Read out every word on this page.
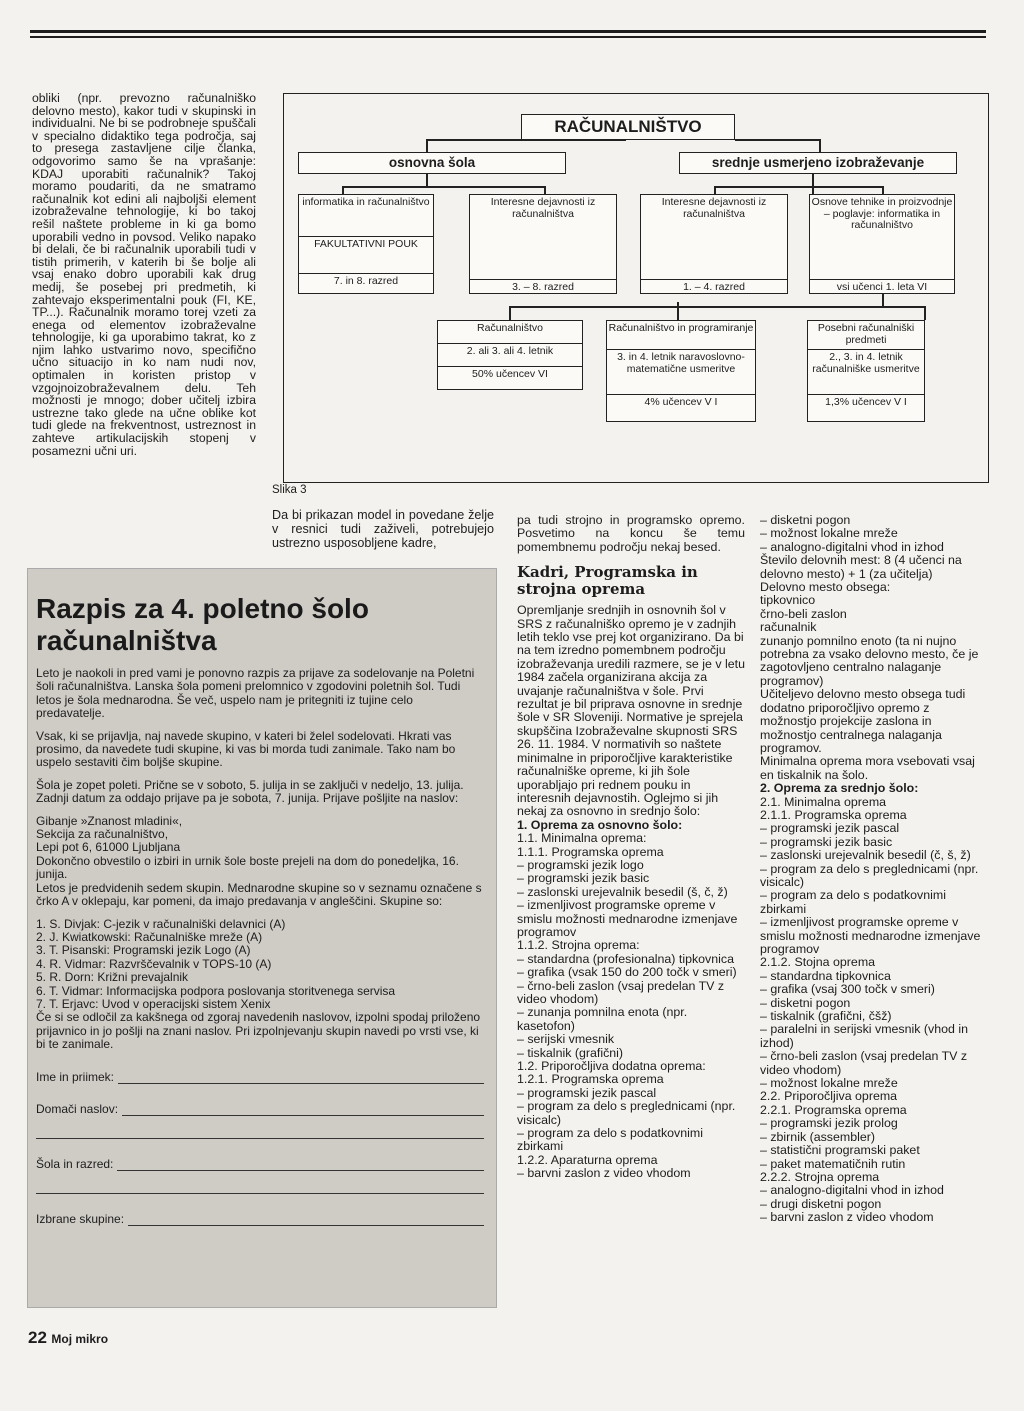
obliki (npr. prevozno računalniško delovno mesto), kakor tudi v skupinski in individualni. Ne bi se podrobneje spuščali v specialno didaktiko tega področja, saj to presega zastavljene cilje članka, odgovorimo samo še na vprašanje: KDAJ uporabiti računalnik? Takoj moramo poudariti, da ne smatramo računalnik kot edini ali najboljši element izobraževalne tehnologije, ki bo takoj rešil naštete probleme in ki ga bomo uporabili vedno in povsod. Veliko napako bi delali, če bi računalnik uporabili tudi v tistih primerih, v katerih bi še bolje ali vsaj enako dobro uporabili kak drug medij, še posebej pri predmetih, ki zahtevajo eksperimentalni pouk (FI, KE, TP...). Računalnik moramo torej vzeti za enega od elementov izobraževalne tehnologije, ki ga uporabimo takrat, ko z njim lahko ustvarimo novo, specifično učno situacijo in ko nam nudi nov, optimalen in koristen pristop v vzgojnoizobraževalnem delu. Teh možnosti je mnogo; dober učitelj izbira ustrezne tako glede na učne oblike kot tudi glede na frekventnost, ustreznost in zahteve artikulacijskih stopenj v posamezni učni uri.

RAČUNALNIŠTVO
osnovna šola	srednje usmerjeno izobraževanje
informatika in računalništvo
FAKULTATIVNI POUK
7. in 8. razred
Interesne dejavnosti iz računalništva
3. – 8. razred
Interesne dejavnosti iz računalništva
1. – 4. razred
Osnove tehnike in proizvodnje – poglavje: informatika in računalništvo
vsi učenci 1. leta VI
Računalništvo
2. ali 3. ali 4. letnik
50% učencev VI
Računalništvo in programiranje
3. in 4. letnik naravoslovno-matematične usmeritve
4% učencev V I
Posebni računalniški predmeti
2., 3. in 4. letnik računalniške usmeritve
1,3% učencev V I
Slika 3
Da bi prikazan model in povedane želje v resnici tudi zaživeli, potrebujejo ustrezno usposobljene kadre,
Razpis za 4. poletno šolo računalništva

Leto je naokoli in pred vami je ponovno razpis za prijave za sodelovanje na Poletni šoli računalništva. Lanska šola pomeni prelomnico v zgodovini poletnih šol. Tudi letos je šola mednarodna. Še več, uspelo nam je pritegniti iz tujine celo predavatelje.

Vsak, ki se prijavlja, naj navede skupino, v kateri bi želel sodelovati. Hkrati vas prosimo, da navedete tudi skupine, ki vas bi morda tudi zanimale. Tako nam bo uspelo sestaviti čim boljše skupine.

Šola je zopet poleti. Prične se v soboto, 5. julija in se zaključi v nedeljo, 13. julija. Zadnji datum za oddajo prijave pa je sobota, 7. junija. Prijave pošljite na naslov:

Gibanje »Znanost mladini«,
Sekcija za računalništvo,
Lepi pot 6, 61000 Ljubljana

Dokončno obvestilo o izbiri in urnik šole boste prejeli na dom do ponedeljka, 16. junija.

Letos je predvidenih sedem skupin. Mednarodne skupine so v seznamu označene s črko A v oklepaju, kar pomeni, da imajo predavanja v angleščini. Skupine so:

1. S. Divjak: C-jezik v računalniški delavnici (A)
2. J. Kwiatkowski: Računalniške mreže (A)
3. T. Pisanski: Programski jezik Logo (A)
4. R. Vidmar: Razvrščevalnik v TOPS-10 (A)
5. R. Dorn: Križni prevajalnik
6. T. Vidmar: Informacijska podpora poslovanja storitvenega servisa
7. T. Erjavc: Uvod v operacijski sistem Xenix

Če si se odločil za kakšnega od zgoraj navedenih naslovov, izpolni spodaj priloženo prijavnico in jo pošlji na znani naslov. Pri izpolnjevanju skupin navedi po vrsti vse, ki bi te zanimale.

Ime in priimek:
Domači naslov:
Šola in razred:
Izbrane skupine:

pa tudi strojno in programsko opremo. Posvetimo na koncu še temu pomembnemu področju nekaj besed.

Kadri, Programska in strojna oprema
Opremljanje srednjih in osnovnih šol v SRS z računalniško opremo je v zadnjih letih teklo vse prej kot organizirano. Da bi na tem izredno pomembnem področju izobraževanja uredili razmere, se je v letu 1984 začela organizirana akcija za uvajanje računalništva v šole. Prvi rezultat je bil pripravа osnovne in srednje šole v SR Sloveniji. Normative je sprejela skupščina Izobraževalne skupnosti SRS 26. 11. 1984. V normativih so naštete minimalne in priporočljive karakteristike računalniške opreme, ki jih šole uporabljajo pri rednem pouku in interesnih dejavnostih. Oglejmo si jih nekaj za osnovno in srednjo šolo:
1. Oprema za osnovno šolo:
1.1. Minimalna oprema:
1.1.1. Programska oprema
– programski jezik logo
– programski jezik basic
– zaslonski urejevalnik besedil (š, č, ž)
– izmenljivost programske opreme v smislu možnosti mednarodne izmenjave programov
1.1.2. Strojna oprema:
– standardna (profesionalna) tipkovnica
– grafika (vsak 150 do 200 točk v smeri)
– črno-beli zaslon (vsaj predelan TV z video vhodom)
– zunanja pomnilna enota (npr. kasetofon)
– serijski vmesnik
– tiskalnik (grafični)
1.2. Priporočljiva dodatna oprema:
1.2.1. Programska oprema
– programski jezik pascal
– program za delo s preglednicami (npr. visicalc)
– program za delo s podatkovnimi zbirkami
1.2.2. Aparaturna oprema
– barvni zaslon z video vhodom
– disketni pogon
– možnost lokalne mreže
– analogno-digitalni vhod in izhod
Število delovnih mest: 8 (4 učenci na delovno mesto) + 1 (za učitelja)
Delovno mesto obsega:
tipkovnico
črno-beli zaslon
računalnik
zunanjo pomnilno enoto (ta ni nujno potrebna za vsako delovno mesto, če je zagotovljeno centralno nalaganje programov)
Učiteljevo delovno mesto obsega tudi dodatno priporočljivo opremo z možnostjo projekcije zaslona in možnostjo centralnega nalaganja programov.
Minimalna oprema mora vsebovati vsaj en tiskalnik na šolo.
2. Oprema za srednjo šolo:
2.1. Minimalna oprema
2.1.1. Programska oprema
– programski jezik pascal
– programski jezik basic
– zaslonski urejevalnik besedil (č, š, ž)
– program za delo s preglednicami (npr. visicalc)
– program za delo s podatkovnimi zbirkami
– izmenljivost programske opreme v smislu možnosti mednarodne izmenjave programov
2.1.2. Stojna oprema
– standardna tipkovnica
– grafika (vsaj 300 točk v smeri)
– disketni pogon
– tiskalnik (grafični, čšž)
– paralelni in serijski vmesnik (vhod in izhod)
– črno-beli zaslon (vsaj predelan TV z video vhodom)
– možnost lokalne mreže
2.2. Priporočljiva oprema
2.2.1. Programska oprema
– programski jezik prolog
– zbirnik (assembler)
– statistični programski paket
– paket matematičnih rutin
2.2.2. Strojna oprema
– analogno-digitalni vhod in izhod
– drugi disketni pogon
– barvni zaslon z video vhodom
22 Moj mikro
